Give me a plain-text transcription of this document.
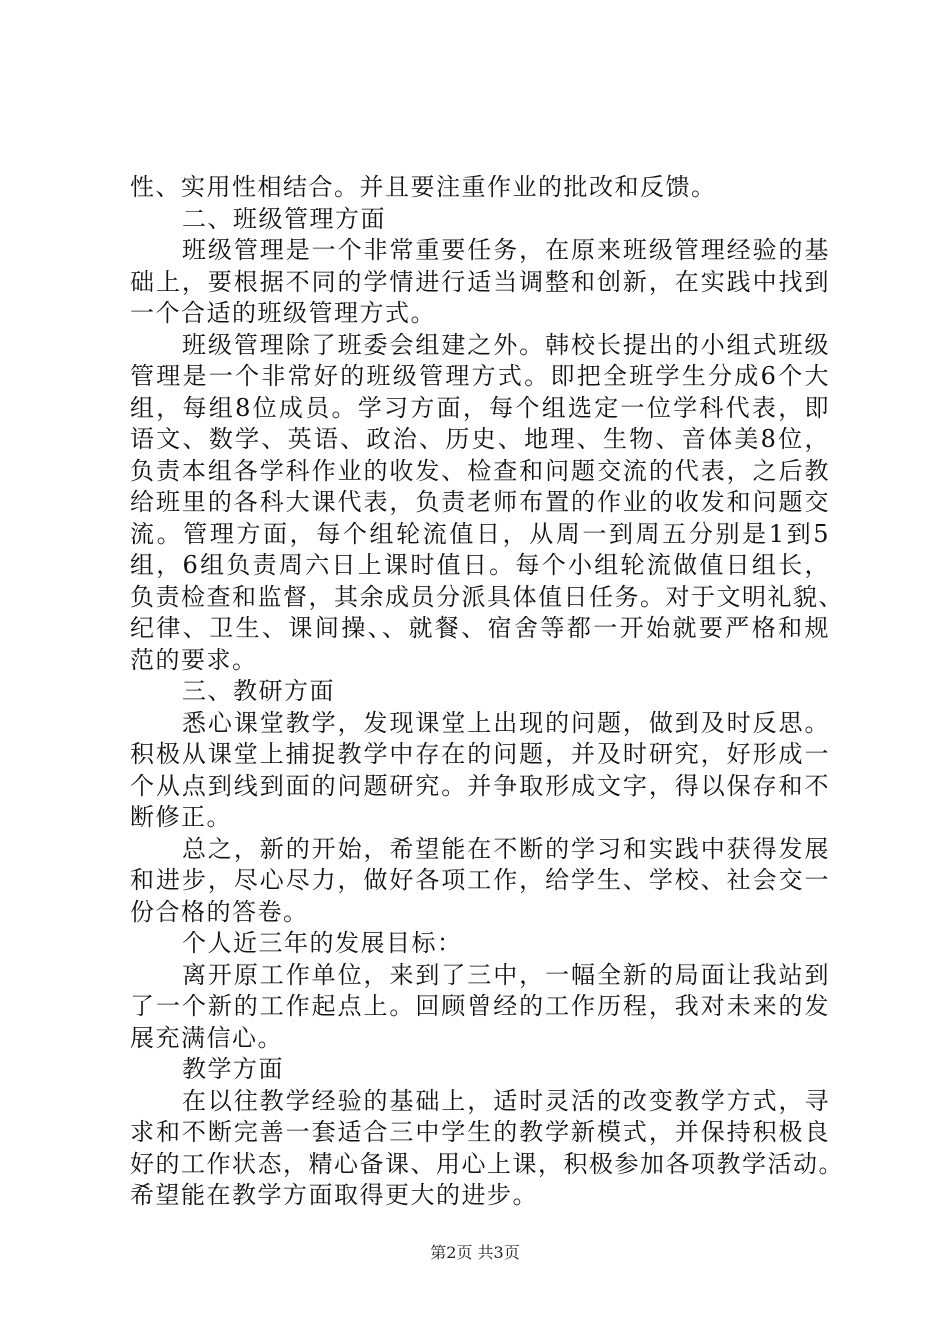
性、实用性相结合。并且要注重作业的批改和反馈。
二、班级管理方面
班级管理是一个非常重要任务，在原来班级管理经验的基
础上，要根据不同的学情进行适当调整和创新，在实践中找到
一个合适的班级管理方式。
班级管理除了班委会组建之外。韩校长提出的小组式班级
管理是一个非常好的班级管理方式。即把全班学生分成6个大
组，每组8位成员。学习方面，每个组选定一位学科代表，即
语文、数学、英语、政治、历史、地理、生物、音体美8位，
负责本组各学科作业的收发、检查和问题交流的代表，之后教
给班里的各科大课代表，负责老师布置的作业的收发和问题交
流。管理方面，每个组轮流值日，从周一到周五分别是1到5
组，6组负责周六日上课时值日。每个小组轮流做值日组长，
负责检查和监督，其余成员分派具体值日任务。对于文明礼貌、
纪律、卫生、课间操、、就餐、宿舍等都一开始就要严格和规
范的要求。
三、教研方面
悉心课堂教学，发现课堂上出现的问题，做到及时反思。
积极从课堂上捕捉教学中存在的问题，并及时研究，好形成一
个从点到线到面的问题研究。并争取形成文字，得以保存和不
断修正。
总之，新的开始，希望能在不断的学习和实践中获得发展
和进步，尽心尽力，做好各项工作，给学生、学校、社会交一
份合格的答卷。
个人近三年的发展目标：
离开原工作单位，来到了三中，一幅全新的局面让我站到
了一个新的工作起点上。回顾曾经的工作历程，我对未来的发
展充满信心。
教学方面
在以往教学经验的基础上，适时灵活的改变教学方式，寻
求和不断完善一套适合三中学生的教学新模式，并保持积极良
好的工作状态，精心备课、用心上课，积极参加各项教学活动。
希望能在教学方面取得更大的进步。
第2页 共3页
